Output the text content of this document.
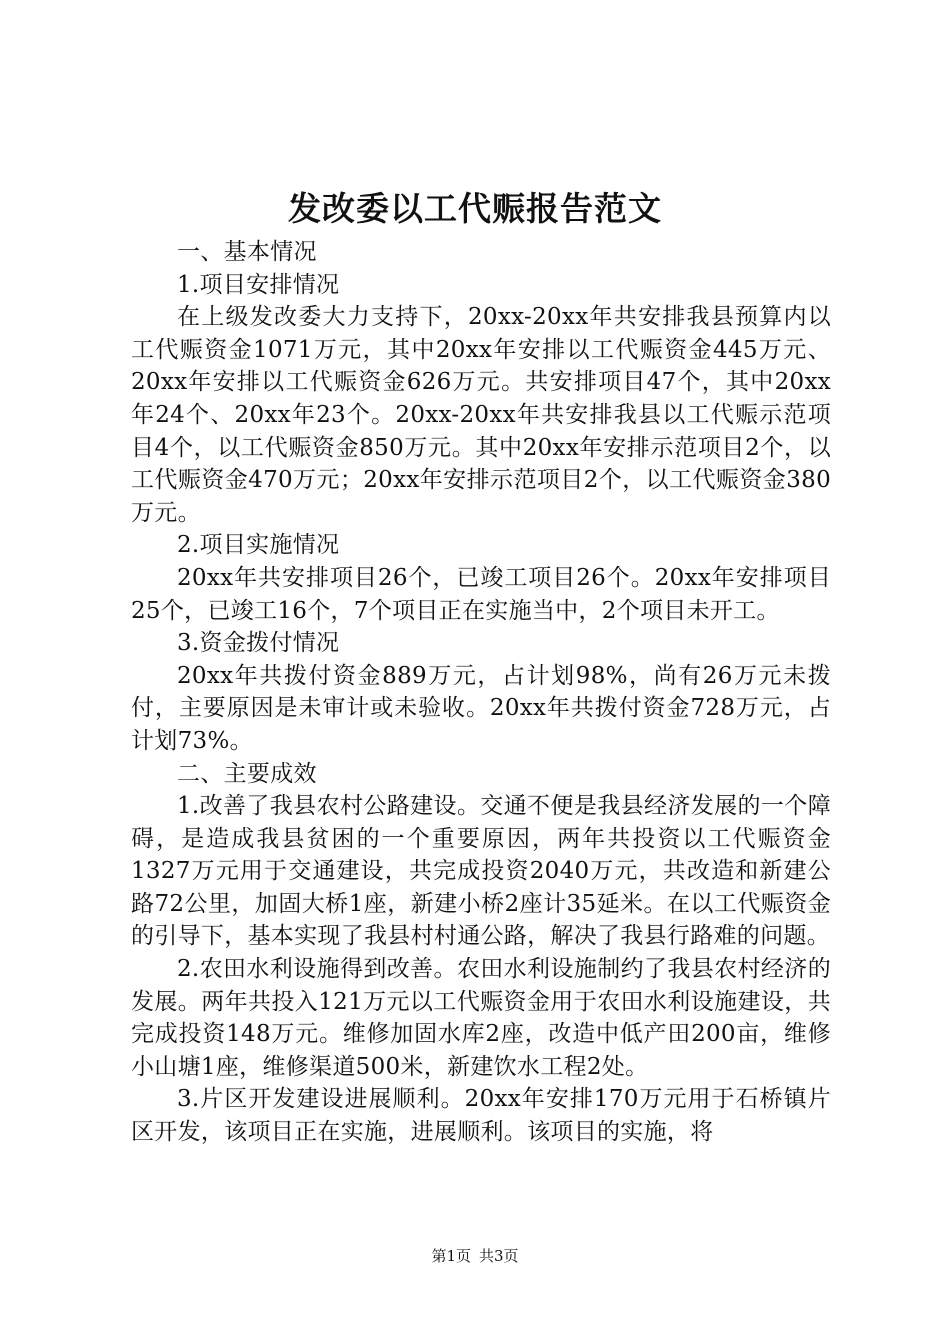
发改委以工代赈报告范文

一、基本情况

1.项目安排情况

在上级发改委大力支持下，20xx-20xx年共安排我县预算内以工代赈资金1071万元，其中20xx年安排以工代赈资金445万元、20xx年安排以工代赈资金626万元。共安排项目47个，其中20xx年24个、20xx年23个。20xx-20xx年共安排我县以工代赈示范项目4个，以工代赈资金850万元。其中20xx年安排示范项目2个，以工代赈资金470万元；20xx年安排示范项目2个，以工代赈资金380万元。

2.项目实施情况

20xx年共安排项目26个，已竣工项目26个。20xx年安排项目25个，已竣工16个，7个项目正在实施当中，2个项目未开工。

3.资金拨付情况

20xx年共拨付资金889万元，占计划98%，尚有26万元未拨付，主要原因是未审计或未验收。20xx年共拨付资金728万元，占计划73%。

二、主要成效

1.改善了我县农村公路建设。交通不便是我县经济发展的一个障碍，是造成我县贫困的一个重要原因，两年共投资以工代赈资金1327万元用于交通建设，共完成投资2040万元，共改造和新建公路72公里，加固大桥1座，新建小桥2座计35延米。在以工代赈资金的引导下，基本实现了我县村村通公路，解决了我县行路难的问题。

2.农田水利设施得到改善。农田水利设施制约了我县农村经济的发展。两年共投入121万元以工代赈资金用于农田水利设施建设，共完成投资148万元。维修加固水库2座，改造中低产田200亩，维修小山塘1座，维修渠道500米，新建饮水工程2处。

3.片区开发建设进展顺利。20xx年安排170万元用于石桥镇片区开发，该项目正在实施，进展顺利。该项目的实施，将

第1页 共3页
